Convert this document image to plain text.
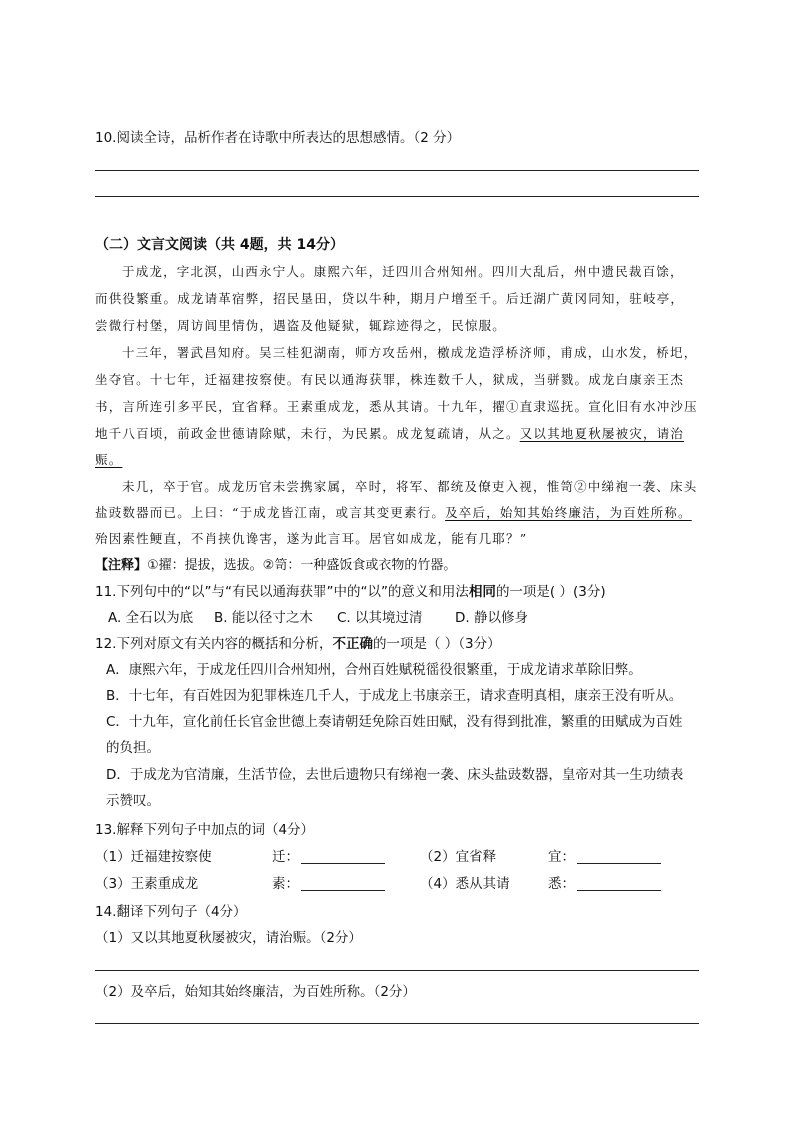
10.阅读全诗，品析作者在诗歌中所表达的思想感情。（2 分）
（二）文言文阅读（共 4题，共 14分）
于成龙，字北溟，山西永宁人。康熙六年，迁四川合州知州。四川大乱后，州中遗民裁百馀，
而供役繁重。成龙请革宿弊，招民垦田，贷以牛种，期月户增至千。后迁湖广黄冈同知，驻岐亭，
尝微行村堡，周访闾里情伪，遇盗及他疑狱，辄踪迹得之，民惊服。
十三年，署武昌知府。吴三桂犯湖南，师方攻岳州，檄成龙造浮桥济师，甫成，山水发，桥圯，
坐夺官。十七年，迁福建按察使。有民以通海获罪，株连数千人，狱成，当骈戮。成龙白康亲王杰
书，言所连引多平民，宜省释。王素重成龙，悉从其请。十九年，擢①直隶巡抚。宣化旧有水冲沙压
地千八百顷，前政金世德请除赋，未行，为民累。成龙复疏请，从之。又以其地夏秋屡被灾，请治
赈。
未几，卒于官。成龙历官未尝携家属，卒时，将军、都统及僚吏入视，惟笥②中绨袍一袭、床头
盐豉数器而已。上曰：“于成龙皆江南，或言其变更素行。及卒后，始知其始终廉洁，为百姓所称。
殆因素性鲠直，不肖挟仇谗害，遂为此言耳。居官如成龙，能有几耶？”
【注释】①擢：提拔，选拔。②笥：一种盛饭食或衣物的竹器。
11.下列句中的“以”与“有民以通海获罪”中的“以”的意义和用法相同的一项是( ）(3分)
A. 全石以为底 B. 能以径寸之木 C. 以其境过清 D. 静以修身
12.下列对原文有关内容的概括和分析，不正确的一项是（ ）（3分）
A．康熙六年，于成龙任四川合州知州，合州百姓赋税徭役很繁重，于成龙请求革除旧弊。
B．十七年，有百姓因为犯罪株连几千人，于成龙上书康亲王，请求查明真相，康亲王没有听从。
C．十九年，宣化前任长官金世德上奏请朝廷免除百姓田赋，没有得到批准，繁重的田赋成为百姓
的负担。
D．于成龙为官清廉，生活节俭，去世后遗物只有绨袍一袭、床头盐豉数器，皇帝对其一生功绩表
示赞叹。
13.解释下列句子中加点的词（4分）
（1）迁福建按察使	迁：	（2）宜省释	宜：
（3）王素重成龙	素：	（4）悉从其请	悉：
14.翻译下列句子（4分）
（1）又以其地夏秋屡被灾，请治赈。（2分）
（2）及卒后，始知其始终廉洁，为百姓所称。（2分）
